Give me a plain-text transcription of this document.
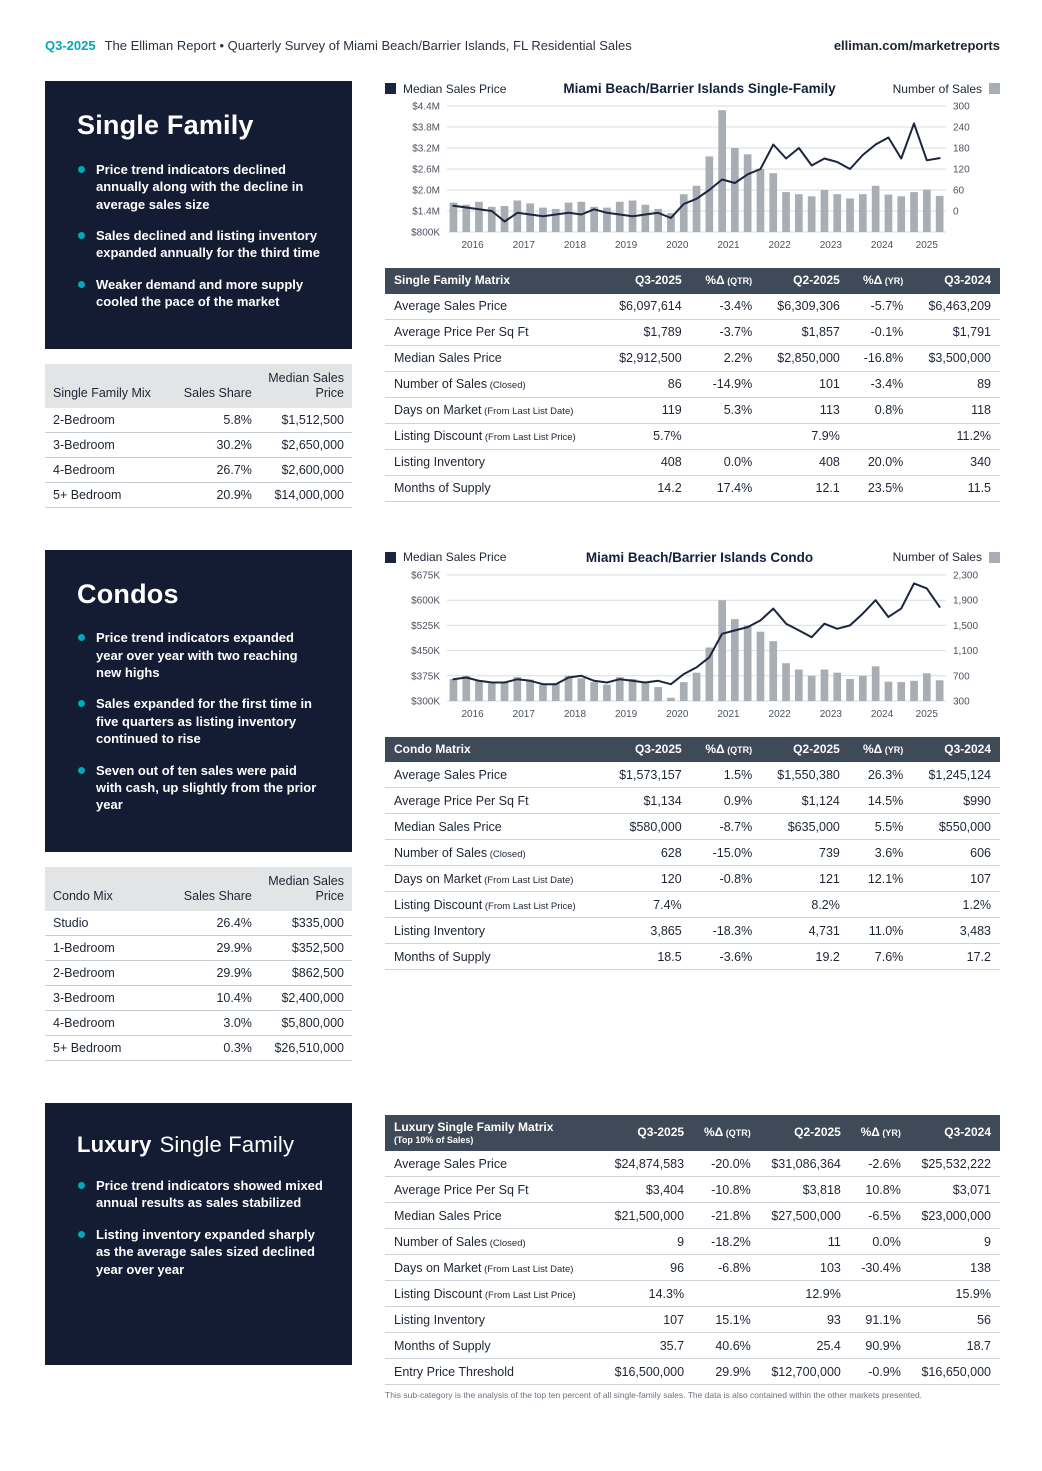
Q3-2025 The Elliman Report • Quarterly Survey of Miami Beach/Barrier Islands, FL Residential Sales	elliman.com/marketreports
Single Family
Price trend indicators declined annually along with the decline in average sales size
Sales declined and listing inventory expanded annually for the third time
Weaker demand and more supply cooled the pace of the market
Single Family Mix	Sales Share	Median Sales Price
2-Bedroom	5.8%	$1,512,500
3-Bedroom	30.2%	$2,650,000
4-Bedroom	26.7%	$2,600,000
5+ Bedroom	20.9%	$14,000,000
Median Sales Price	Miami Beach/Barrier Islands Single-Family	Number of Sales
$4.4M	300
$3.8M	240
$3.2M	180
$2.6M	120
$2.0M	60
$1.4M	0
$800K
2016	2017	2018	2019	2020	2021	2022	2023	2024 2025
Single Family Matrix	Q3-2025	%Δ (QTR)	Q2-2025	%Δ (YR)	Q3-2024
Average Sales Price	$6,097,614	-3.4%	$6,309,306	-5.7%	$6,463,209
Average Price Per Sq Ft	$1,789	-3.7%	$1,857	-0.1%	$1,791
Median Sales Price	$2,912,500	2.2%	$2,850,000	-16.8%	$3,500,000
Number of Sales (Closed)	86	-14.9%	101	-3.4%	89
Days on Market (From Last List Date)	119	5.3%	113	0.8%	118
Listing Discount (From Last List Price)	5.7%		7.9%		11.2%
Listing Inventory	408	0.0%	408	20.0%	340
Months of Supply	14.2	17.4%	12.1	23.5%	11.5
Condos
Price trend indicators expanded year over year with two reaching new highs
Sales expanded for the first time in five quarters as listing inventory continued to rise
Seven out of ten sales were paid with cash, up slightly from the prior year
Condo Mix	Sales Share	Median Sales Price
Studio	26.4%	$335,000
1-Bedroom	29.9%	$352,500
2-Bedroom	29.9%	$862,500
3-Bedroom	10.4%	$2,400,000
4-Bedroom	3.0%	$5,800,000
5+ Bedroom	0.3%	$26,510,000
Median Sales Price	Miami Beach/Barrier Islands Condo	Number of Sales
$675K	2,300
$600K	1,900
$525K	1,500
$450K	1,100
$375K	700
$300K	300
2016	2017	2018	2019	2020	2021	2022	2023	2024 2025
Condo Matrix	Q3-2025	%Δ (QTR)	Q2-2025	%Δ (YR)	Q3-2024
Average Sales Price	$1,573,157	1.5%	$1,550,380	26.3%	$1,245,124
Average Price Per Sq Ft	$1,134	0.9%	$1,124	14.5%	$990
Median Sales Price	$580,000	-8.7%	$635,000	5.5%	$550,000
Number of Sales (Closed)	628	-15.0%	739	3.6%	606
Days on Market (From Last List Date)	120	-0.8%	121	12.1%	107
Listing Discount (From Last List Price)	7.4%		8.2%		1.2%
Listing Inventory	3,865	-18.3%	4,731	11.0%	3,483
Months of Supply	18.5	-3.6%	19.2	7.6%	17.2
Luxury Single Family
Price trend indicators showed mixed annual results as sales stabilized
Listing inventory expanded sharply as the average sales sized declined year over year
Luxury Single Family Matrix
(Top 10% of Sales)	Q3-2025	%Δ (QTR)	Q2-2025	%Δ (YR)	Q3-2024
Average Sales Price	$24,874,583	-20.0%	$31,086,364	-2.6%	$25,532,222
Average Price Per Sq Ft	$3,404	-10.8%	$3,818	10.8%	$3,071
Median Sales Price	$21,500,000	-21.8%	$27,500,000	-6.5%	$23,000,000
Number of Sales (Closed)	9	-18.2%	11	0.0%	9
Days on Market (From Last List Date)	96	-6.8%	103	-30.4%	138
Listing Discount (From Last List Price)	14.3%		12.9%		15.9%
Listing Inventory	107	15.1%	93	91.1%	56
Months of Supply	35.7	40.6%	25.4	90.9%	18.7
Entry Price Threshold	$16,500,000	29.9%	$12,700,000	-0.9%	$16,650,000

This sub-category is the analysis of the top ten percent of all single-family sales. The data is also contained within the other markets presented.
